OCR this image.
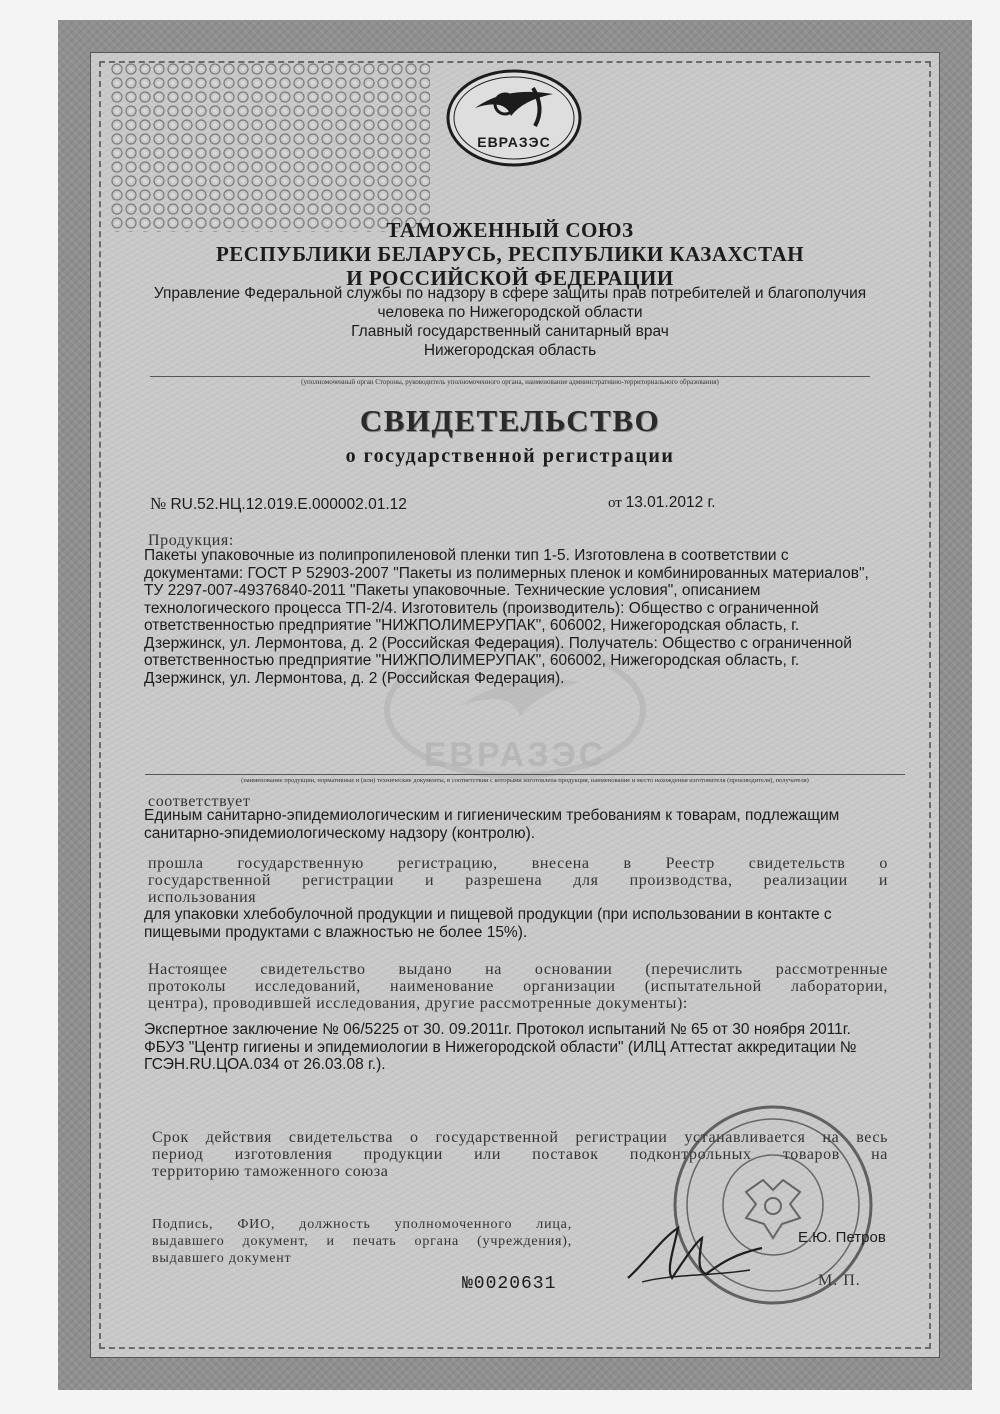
ЕВРАЗЭС
ЕВРАЗЭС
ТАМОЖЕННЫЙ СОЮЗ
РЕСПУБЛИКИ БЕЛАРУСЬ, РЕСПУБЛИКИ КАЗАХСТАН
И РОССИЙСКОЙ ФЕДЕРАЦИИ
Управление Федеральной службы по надзору в сфере защиты прав потребителей и благополучия
человека по Нижегородской области
Главный государственный санитарный врач
Нижегородская область
(уполномоченный орган Стороны, руководитель уполномоченного органа, наименование административно-территориального образования)
СВИДЕТЕЛЬСТВО
о государственной регистрации
№ RU.52.НЦ.12.019.Е.000002.01.12	от 13.01.2012 г.
Продукция:
Пакеты упаковочные из полипропиленовой пленки тип 1-5. Изготовлена в соответствии с
документами: ГОСТ Р 52903-2007 "Пакеты из полимерных пленок и комбинированных материалов",
ТУ 2297-007-49376840-2011 "Пакеты упаковочные. Технические условия", описанием
технологического процесса ТП-2/4. Изготовитель (производитель): Общество с ограниченной
ответственностью предприятие "НИЖПОЛИМЕРУПАК", 606002, Нижегородская область, г.
Дзержинск, ул. Лермонтова, д. 2 (Российская Федерация). Получатель: Общество с ограниченной
ответственностью предприятие "НИЖПОЛИМЕРУПАК", 606002, Нижегородская область, г.
Дзержинск, ул. Лермонтова, д. 2 (Российская Федерация).
(наименование продукции, нормативные и (или) технические документы, в соответствии с которыми изготовлена продукция, наименование и место нахождения изготовителя (производителя), получателя)
соответствует
Единым санитарно-эпидемиологическим и гигиеническим требованиям к товарам, подлежащим
санитарно-эпидемиологическому надзору (контролю).
прошла государственную регистрацию, внесена в Реестр свидетельств о
государственной регистрации и разрешена для производства, реализации и
использования
для упаковки хлебобулочной продукции и пищевой продукции (при использовании в контакте с
пищевыми продуктами с влажностью не более 15%).
Настоящее свидетельство выдано на основании (перечислить рассмотренные
протоколы исследований, наименование организации (испытательной лаборатории,
центра), проводившей исследования, другие рассмотренные документы):
Экспертное заключение № 06/5225 от 30. 09.2011г. Протокол испытаний № 65 от 30 ноября 2011г.
ФБУЗ "Центр гигиены и эпидемиологии в Нижегородской области" (ИЛЦ Аттестат аккредитации №
ГСЭН.RU.ЦОА.034 от 26.03.08 г.).
Срок действия свидетельства о государственной регистрации устанавливается на весь
период изготовления продукции или поставок подконтрольных товаров на
территорию таможенного союза
Подпись, ФИО, должность уполномоченного лица,
выдавшего документ, и печать органа (учреждения),
выдавшего документ
Е.Ю. Петров
М. П.
№0020631
